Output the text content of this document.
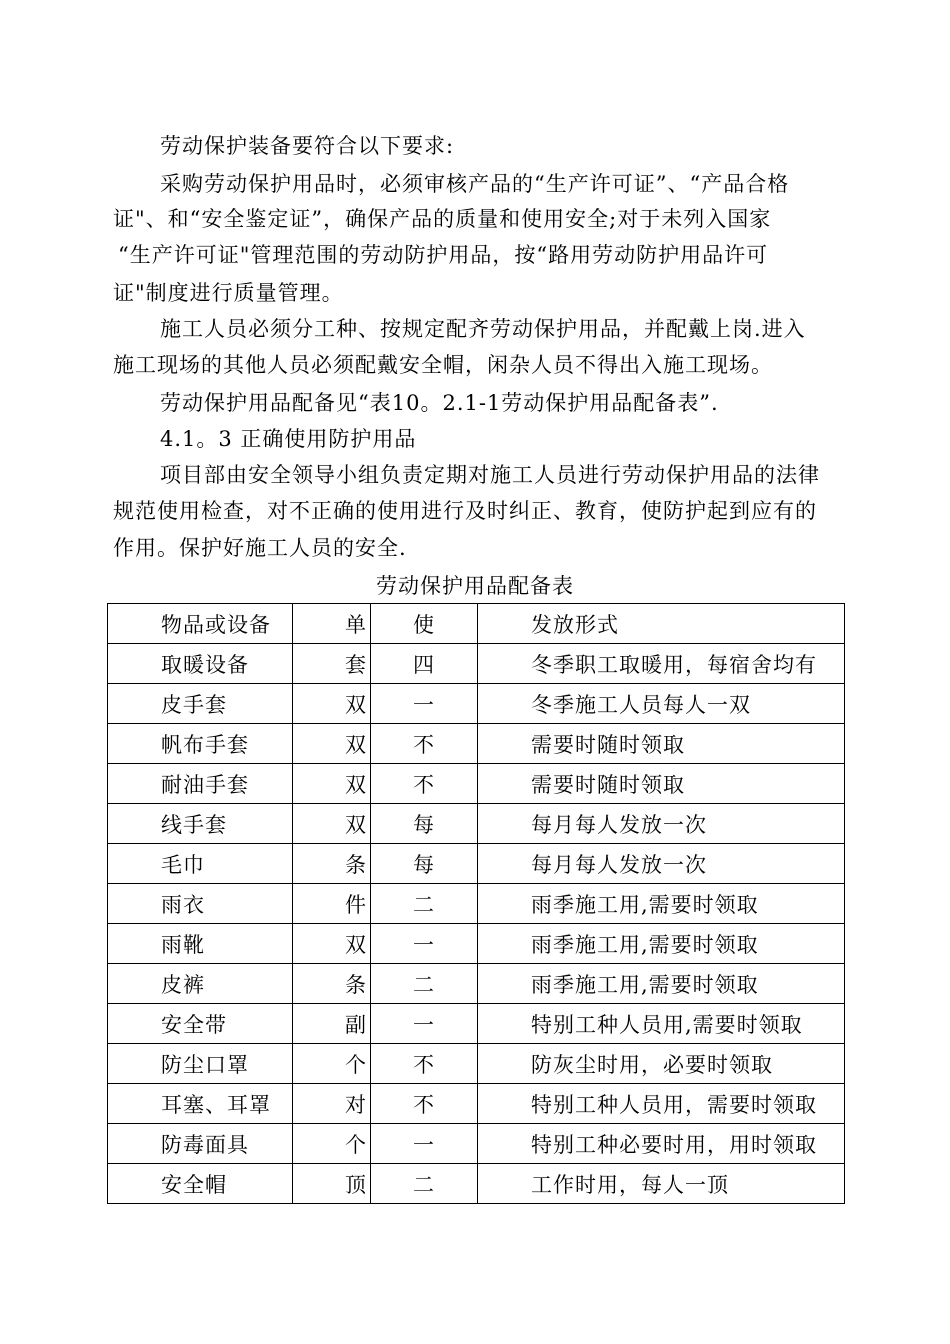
劳动保护装备要符合以下要求:
采购劳动保护用品时，必须审核产品的“生产许可证”、“产品合格
证"、和“安全鉴定证”，确保产品的质量和使用安全;对于未列入国家
“生产许可证"管理范围的劳动防护用品，按“路用劳动防护用品许可
证"制度进行质量管理。
施工人员必须分工种、按规定配齐劳动保护用品，并配戴上岗.进入
施工现场的其他人员必须配戴安全帽，闲杂人员不得出入施工现场。
劳动保护用品配备见“表10。2.1-1劳动保护用品配备表”.
4.1。3 正确使用防护用品
项目部由安全领导小组负责定期对施工人员进行劳动保护用品的法律
规范使用检查，对不正确的使用进行及时纠正、教育，使防护起到应有的
作用。保护好施工人员的安全.
劳动保护用品配备表
物品或设备	单	使	发放形式
取暖设备	套	四	冬季职工取暖用，每宿舍均有
皮手套	双	一	冬季施工人员每人一双
帆布手套	双	不	需要时随时领取
耐油手套	双	不	需要时随时领取
线手套	双	每	每月每人发放一次
毛巾	条	每	每月每人发放一次
雨衣	件	二	雨季施工用,需要时领取
雨靴	双	一	雨季施工用,需要时领取
皮裤	条	二	雨季施工用,需要时领取
安全带	副	一	特别工种人员用,需要时领取
防尘口罩	个	不	防灰尘时用，必要时领取
耳塞、耳罩	对	不	特别工种人员用，需要时领取
防毒面具	个	一	特别工种必要时用，用时领取
安全帽	顶	二	工作时用，每人一顶
